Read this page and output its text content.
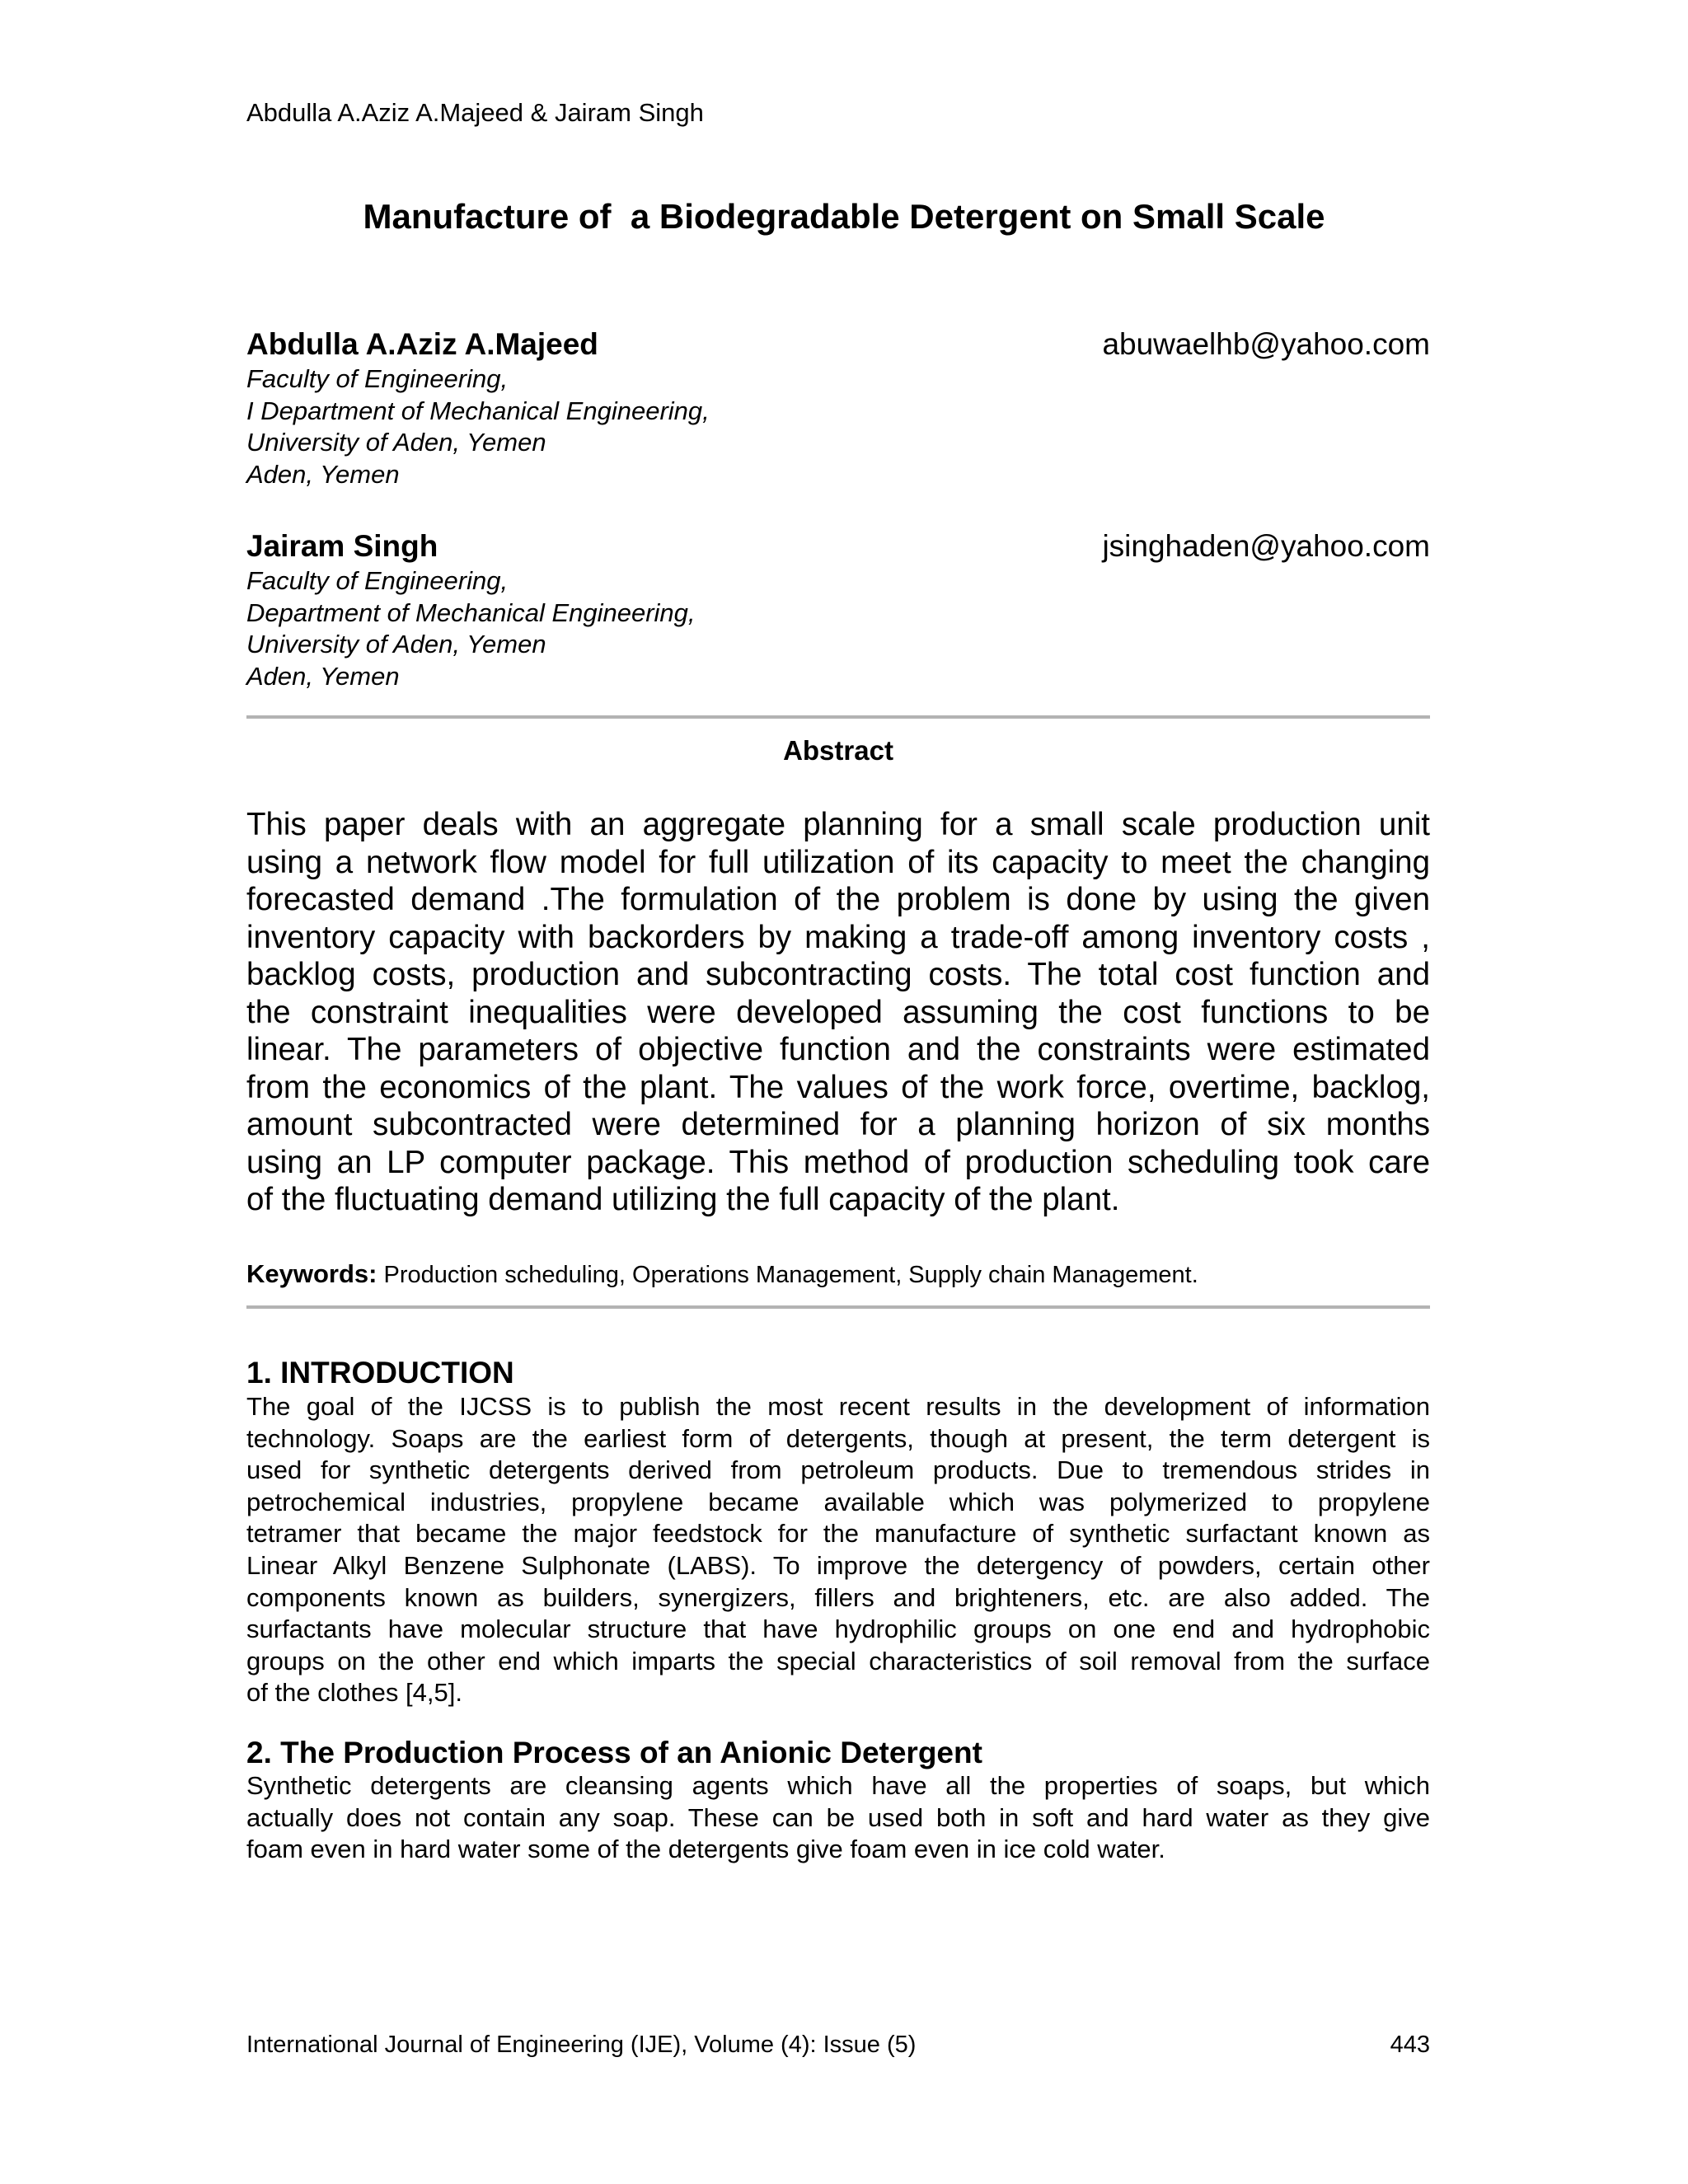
Abdulla A.Aziz A.Majeed & Jairam Singh
Manufacture of  a Biodegradable Detergent on Small Scale
Abdulla A.Aziz A.Majeed	abuwaelhb@yahoo.com
Faculty of Engineering,
I Department of Mechanical Engineering,
University of Aden, Yemen
Aden, Yemen
Jairam Singh	jsinghaden@yahoo.com
Faculty of Engineering,
Department of Mechanical Engineering,
University of Aden, Yemen
Aden, Yemen
Abstract
This paper deals with an aggregate planning for a small scale production unit
using a network flow model for full utilization of its capacity to meet the changing
forecasted demand .The formulation of the problem is done by using the given
inventory capacity with backorders by making a trade-off among inventory costs ,
backlog costs, production and subcontracting costs. The total cost function and
the constraint inequalities were developed assuming the cost functions to be
linear. The parameters of objective function and the constraints were estimated
from the economics of the plant. The values of the work force, overtime, backlog,
amount subcontracted were determined for a planning horizon of six months
using an LP computer package. This method of production scheduling took care
of the fluctuating demand utilizing the full capacity of the plant.
Keywords: Production scheduling, Operations Management, Supply chain Management.
1. INTRODUCTION
The goal of the IJCSS is to publish the most recent results in the development of information
technology. Soaps are the earliest form of detergents, though at present, the term detergent is
used for synthetic detergents derived from petroleum products. Due to tremendous strides in
petrochemical industries, propylene became available which was polymerized to propylene
tetramer that became the major feedstock for the manufacture of synthetic surfactant known as
Linear Alkyl Benzene Sulphonate (LABS). To improve the detergency of powders, certain other
components known as builders, synergizers, fillers and brighteners, etc. are also added. The
surfactants have molecular structure that have hydrophilic groups on one end and hydrophobic
groups on the other end which imparts the special characteristics of soil removal from the surface
of the clothes [4,5].
2. The Production Process of an Anionic Detergent
Synthetic detergents are cleansing agents which have all the properties of soaps, but which
actually does not contain any soap. These can be used both in soft and hard water as they give
foam even in hard water some of the detergents give foam even in ice cold water.
International Journal of Engineering (IJE), Volume (4): Issue (5)	443
